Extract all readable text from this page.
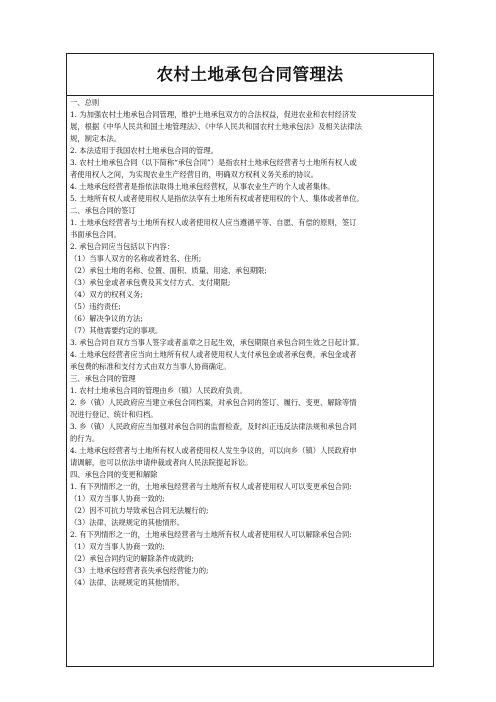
农村土地承包合同管理法

一、总则
1. 为加强农村土地承包合同管理，维护土地承包双方的合法权益，促进农业和农村经济发
展，根据《中华人民共和国土地管理法》、《中华人民共和国农村土地承包法》及相关法律法
规，制定本法。
2. 本法适用于我国农村土地承包合同的管理。
3. 农村土地承包合同（以下简称“承包合同”）是指农村土地承包经营者与土地所有权人或
者使用权人之间，为实现农业生产经营目的，明确双方权利义务关系的协议。
4. 土地承包经营者是指依法取得土地承包经营权，从事农业生产的个人或者集体。
5. 土地所有权人或者使用权人是指依法享有土地所有权或者使用权的个人、集体或者单位。
二、承包合同的签订
1. 土地承包经营者与土地所有权人或者使用权人应当遵循平等、自愿、有偿的原则，签订
书面承包合同。
2. 承包合同应当包括以下内容：
（1）当事人双方的名称或者姓名、住所;
（2）承包土地的名称、位置、面积、质量、用途、承包期限;
（3）承包金或者承包费及其支付方式、支付期限;
（4）双方的权利义务;
（5）违约责任;
（6）解决争议的方法;
（7）其他需要约定的事项。
3. 承包合同自双方当事人签字或者盖章之日起生效，承包期限自承包合同生效之日起计算。
4. 土地承包经营者应当向土地所有权人或者使用权人支付承包金或者承包费，承包金或者
承包费的标准和支付方式由双方当事人协商确定。
三、承包合同的管理
1. 农村土地承包合同的管理由乡（镇）人民政府负责。
2. 乡（镇）人民政府应当建立承包合同档案，对承包合同的签订、履行、变更、解除等情
况进行登记、统计和归档。
3. 乡（镇）人民政府应当加强对承包合同的监督检查，及时纠正违反法律法规和承包合同
的行为。
4. 土地承包经营者与土地所有权人或者使用权人发生争议的，可以向乡（镇）人民政府申
请调解，也可以依法申请仲裁或者向人民法院提起诉讼。
四、承包合同的变更和解除
1. 有下列情形之一的，土地承包经营者与土地所有权人或者使用权人可以变更承包合同:
（1）双方当事人协商一致的;
（2）因不可抗力导致承包合同无法履行的;
（3）法律、法规规定的其他情形。
2. 有下列情形之一的，土地承包经营者与土地所有权人或者使用权人可以解除承包合同:
（1）双方当事人协商一致的;
（2）承包合同约定的解除条件成就的;
（3）土地承包经营者丧失承包经营能力的;
（4）法律、法规规定的其他情形。
